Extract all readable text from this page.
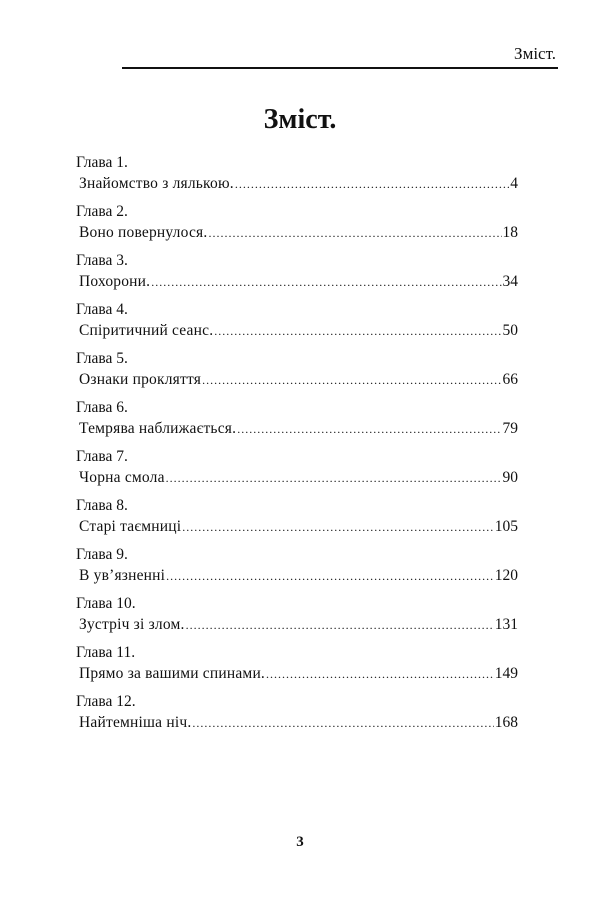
Зміст.
Зміст.
Глава 1.
Знайомство з лялькою. .....	4
Глава 2.
Воно повернулося. .....	18
Глава 3.
Похорони. .....	34
Глава 4.
Спіритичний сеанс. .....	50
Глава 5.
Ознаки прокляття .....	66
Глава 6.
Темрява наближається. .....	79
Глава 7.
Чорна смола .....	90
Глава 8.
Старі таємниці .....	105
Глава 9.
В ув’язненні .....	120
Глава 10.
Зустріч зі злом. .....	131
Глава 11.
Прямо за вашими спинами. .....	149
Глава 12.
Найтемніша ніч. .....	168
3
